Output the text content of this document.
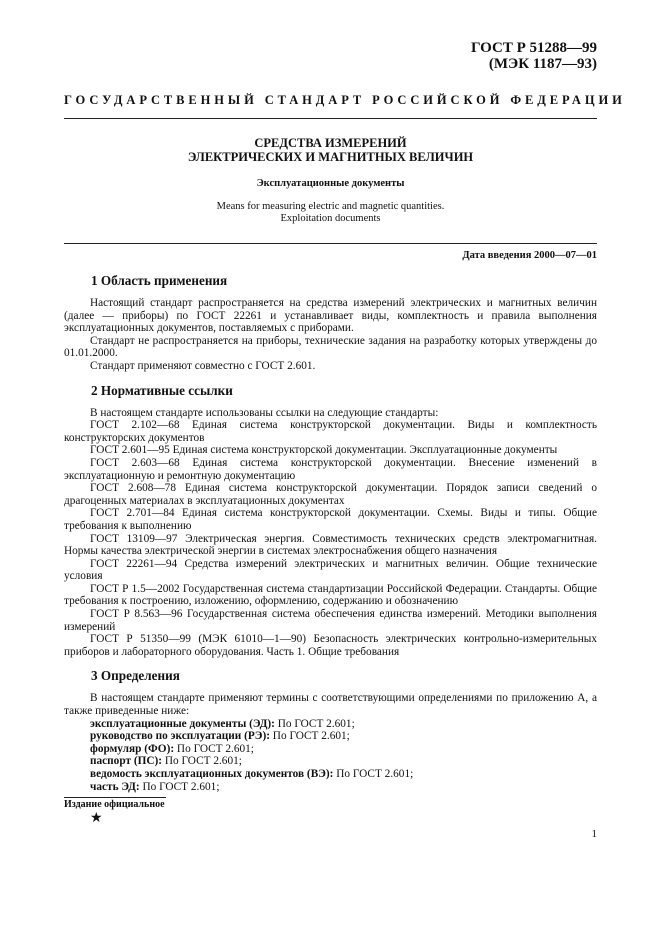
ГОСТ Р 51288—99
(МЭК 1187—93)
ГОСУДАРСТВЕННЫЙ СТАНДАРТ РОССИЙСКОЙ ФЕДЕРАЦИИ
СРЕДСТВА ИЗМЕРЕНИЙ
ЭЛЕКТРИЧЕСКИХ И МАГНИТНЫХ ВЕЛИЧИН
Эксплуатационные документы
Means for measuring electric and magnetic quantities.
Exploitation documents
Дата введения 2000—07—01
1 Область применения

Настоящий стандарт распространяется на средства измерений электрических и магнитных величин (далее — приборы) по ГОСТ 22261 и устанавливает виды, комплектность и правила выполнения эксплуатационных документов, поставляемых с приборами.

Стандарт не распространяется на приборы, технические задания на разработку которых утверждены до 01.01.2000.

Стандарт применяют совместно с ГОСТ 2.601.

2 Нормативные ссылки

В настоящем стандарте использованы ссылки на следующие стандарты:

ГОСТ 2.102—68 Единая система конструкторской документации. Виды и комплектность конструкторских документов

ГОСТ 2.601—95 Единая система конструкторской документации. Эксплуатационные документы

ГОСТ 2.603—68 Единая система конструкторской документации. Внесение изменений в эксплуатационную и ремонтную документацию

ГОСТ 2.608—78 Единая система конструкторской документации. Порядок записи сведений о драгоценных материалах в эксплуатационных документах

ГОСТ 2.701—84 Единая система конструкторской документации. Схемы. Виды и типы. Общие требования к выполнению

ГОСТ 13109—97 Электрическая энергия. Совместимость технических средств электромагнитная. Нормы качества электрической энергии в системах электроснабжения общего назначения

ГОСТ 22261—94 Средства измерений электрических и магнитных величин. Общие технические условия

ГОСТ Р 1.5—2002 Государственная система стандартизации Российской Федерации. Стандарты. Общие требования к построению, изложению, оформлению, содержанию и обозначению

ГОСТ Р 8.563—96 Государственная система обеспечения единства измерений. Методики выполнения измерений

ГОСТ Р 51350—99 (МЭК 61010—1—90) Безопасность электрических контрольно-измерительных приборов и лабораторного оборудования. Часть 1. Общие требования

3 Определения

В настоящем стандарте применяют термины с соответствующими определениями по приложению А, а также приведенные ниже:

эксплуатационные документы (ЭД): По ГОСТ 2.601;

руководство по эксплуатации (РЭ): По ГОСТ 2.601;

формуляр (ФО): По ГОСТ 2.601;

паспорт (ПС): По ГОСТ 2.601;

ведомость эксплуатационных документов (ВЭ): По ГОСТ 2.601;

часть ЭД: По ГОСТ 2.601;

Издание официальное
★
1
